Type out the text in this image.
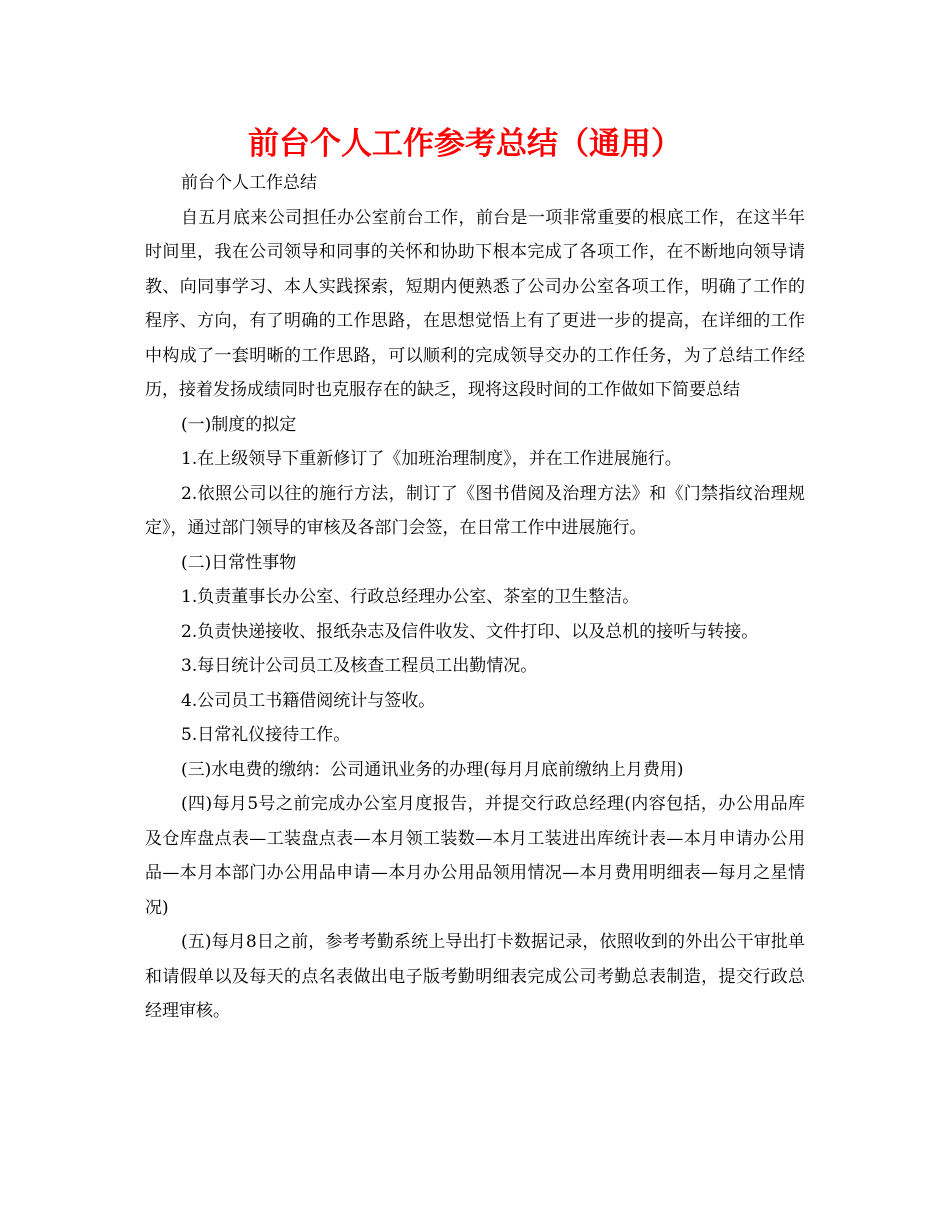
前台个人工作参考总结（通用）

前台个人工作总结

自五月底来公司担任办公室前台工作，前台是一项非常重要的根底工作，在这半年时间里，我在公司领导和同事的关怀和协助下根本完成了各项工作，在不断地向领导请教、向同事学习、本人实践探索，短期内便熟悉了公司办公室各项工作，明确了工作的程序、方向，有了明确的工作思路，在思想觉悟上有了更进一步的提高，在详细的工作中构成了一套明晰的工作思路，可以顺利的完成领导交办的工作任务，为了总结工作经历，接着发扬成绩同时也克服存在的缺乏，现将这段时间的工作做如下简要总结

(一)制度的拟定

1.在上级领导下重新修订了《加班治理制度》，并在工作进展施行。

2.依照公司以往的施行方法，制订了《图书借阅及治理方法》和《门禁指纹治理规定》，通过部门领导的审核及各部门会签，在日常工作中进展施行。

(二)日常性事物

1.负责董事长办公室、行政总经理办公室、茶室的卫生整洁。

2.负责快递接收、报纸杂志及信件收发、文件打印、以及总机的接听与转接。

3.每日统计公司员工及核查工程员工出勤情况。

4.公司员工书籍借阅统计与签收。

5.日常礼仪接待工作。

(三)水电费的缴纳：公司通讯业务的办理(每月月底前缴纳上月费用)

(四)每月5号之前完成办公室月度报告，并提交行政总经理(内容包括，办公用品库及仓库盘点表—工装盘点表—本月领工装数—本月工装进出库统计表—本月申请办公用品—本月本部门办公用品申请—本月办公用品领用情况—本月费用明细表—每月之星情况)

(五)每月8日之前，参考考勤系统上导出打卡数据记录，依照收到的外出公干审批单和请假单以及每天的点名表做出电子版考勤明细表完成公司考勤总表制造，提交行政总经理审核。
